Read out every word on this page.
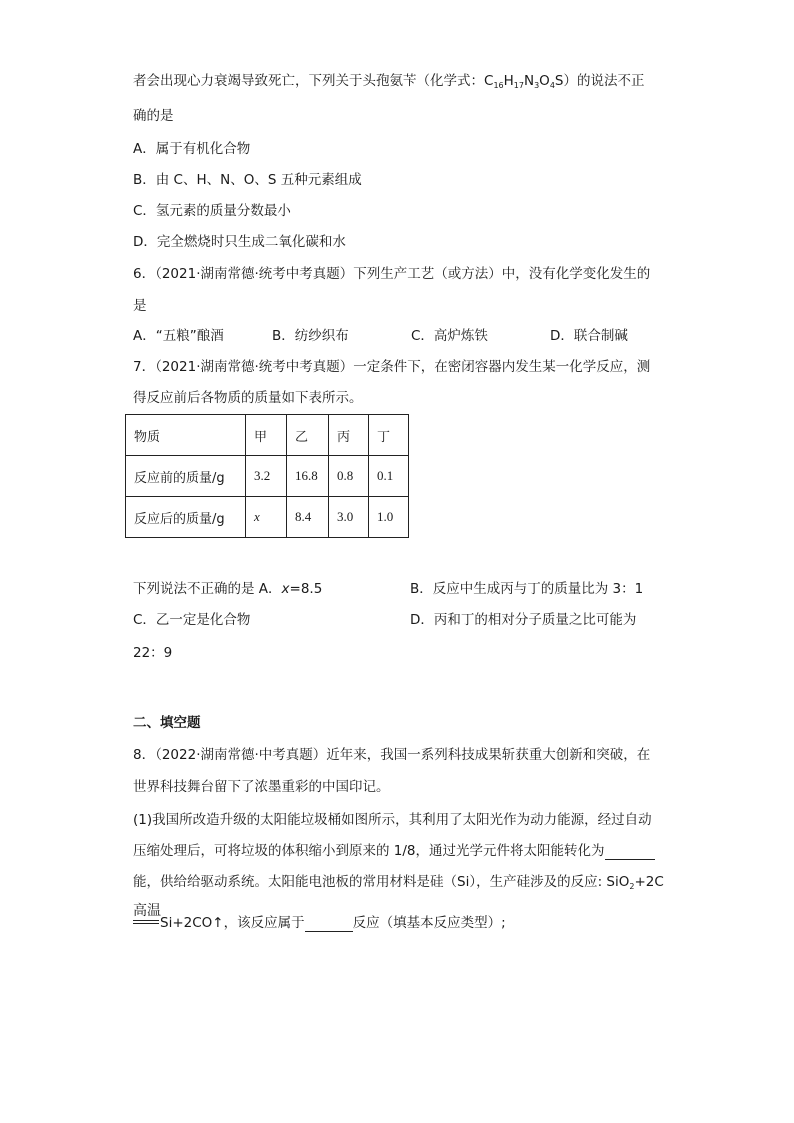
者会出现心力衰竭导致死亡，下列关于头孢氨苄（化学式：$C_{16}H_{17}N_3O_4S$）的说法不正
确的是
A．属于有机化合物
B．由 C、H、N、O、S 五种元素组成
C．氢元素的质量分数最小
D．完全燃烧时只生成二氧化碳和水
6．（2021·湖南常德·统考中考真题）下列生产工艺（或方法）中，没有化学变化发生的
是
A．“五粮”酿酒	B．纺纱织布	C．高炉炼铁	D．联合制碱
7．（2021·湖南常德·统考中考真题）一定条件下，在密闭容器内发生某一化学反应，测
得反应前后各物质的质量如下表所示。
物质	甲	乙	丙	丁
反应前的质量/g	3.2	16.8	0.8	0.1
反应后的质量/g	x	8.4	3.0	1.0
下列说法不正确的是 A．x=8.5	B．反应中生成丙与丁的质量比为 3：1
C．乙一定是化合物	D．丙和丁的相对分子质量之比可能为
22：9
二、填空题
8．（2022·湖南常德·中考真题）近年来，我国一系列科技成果斩获重大创新和突破，在
世界科技舞台留下了浓墨重彩的中国印记。
(1)我国所改造升级的太阳能垃圾桶如图所示，其利用了太阳光作为动力能源，经过自动
压缩处理后，可将垃圾的体积缩小到原来的 1/8，通过光学元件将太阳能转化为
能，供给给驱动系统。太阳能电池板的常用材料是硅（Si），生产硅涉及的反应: SiO$_2$+2C
高温
Si+2CO↑，该反应属于	反应（填基本反应类型）;
